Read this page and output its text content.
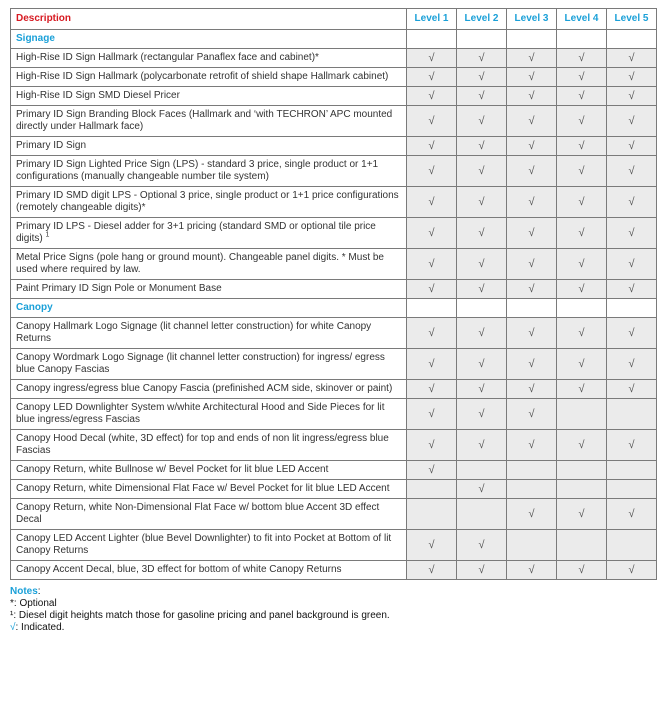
Description	Level 1	Level 2	Level 3	Level 4	Level 5
Signage					
High-Rise ID Sign Hallmark (rectangular Panaflex face and cabinet)*	√	√	√	√	√
High-Rise ID Sign Hallmark (polycarbonate retrofit of shield shape Hallmark cabinet)	√	√	√	√	√
High-Rise ID Sign SMD Diesel Pricer	√	√	√	√	√
Primary ID Sign Branding Block Faces (Hallmark and ‘with TECHRON’ APC mounted directly under Hallmark face)	√	√	√	√	√
Primary ID Sign	√	√	√	√	√
Primary ID Sign Lighted Price Sign (LPS) - standard 3 price, single product or 1+1 configurations (manually changeable number tile system)	√	√	√	√	√
Primary ID SMD digit LPS - Optional 3 price, single product or 1+1 price configurations (remotely changeable digits)*	√	√	√	√	√
Primary ID LPS - Diesel adder for 3+1 pricing (standard SMD or optional tile price digits) $^1$	√	√	√	√	√
Metal Price Signs (pole hang or ground mount). Changeable panel digits. * Must be used where required by law.	√	√	√	√	√
Paint Primary ID Sign Pole or Monument Base	√	√	√	√	√
Canopy					
Canopy Hallmark Logo Signage (lit channel letter construction) for white Canopy Returns	√	√	√	√	√
Canopy Wordmark Logo Signage (lit channel letter construction) for ingress/ egress blue Canopy Fascias	√	√	√	√	√
Canopy ingress/egress blue Canopy Fascia (prefinished ACM side, skinover or paint)	√	√	√	√	√
Canopy LED Downlighter System w/white Architectural Hood and Side Pieces for lit blue ingress/egress Fascias	√	√	√		
Canopy Hood Decal (white, 3D effect) for top and ends of non lit ingress/egress blue Fascias	√	√	√	√	√
Canopy Return, white Bullnose w/ Bevel Pocket for lit blue LED Accent	√				
Canopy Return, white Dimensional Flat Face w/ Bevel Pocket for lit blue LED Accent		√			
Canopy Return, white Non-Dimensional Flat Face w/ bottom blue Accent 3D effect Decal			√	√	√
Canopy LED Accent Lighter (blue Bevel Downlighter) to fit into Pocket at Bottom of lit Canopy Returns	√	√			
Canopy Accent Decal, blue, 3D effect for bottom of white Canopy Returns	√	√	√	√	√
Notes:
*: Optional
¹: Diesel digit heights match those for gasoline pricing and panel background is green.
√: Indicated.
